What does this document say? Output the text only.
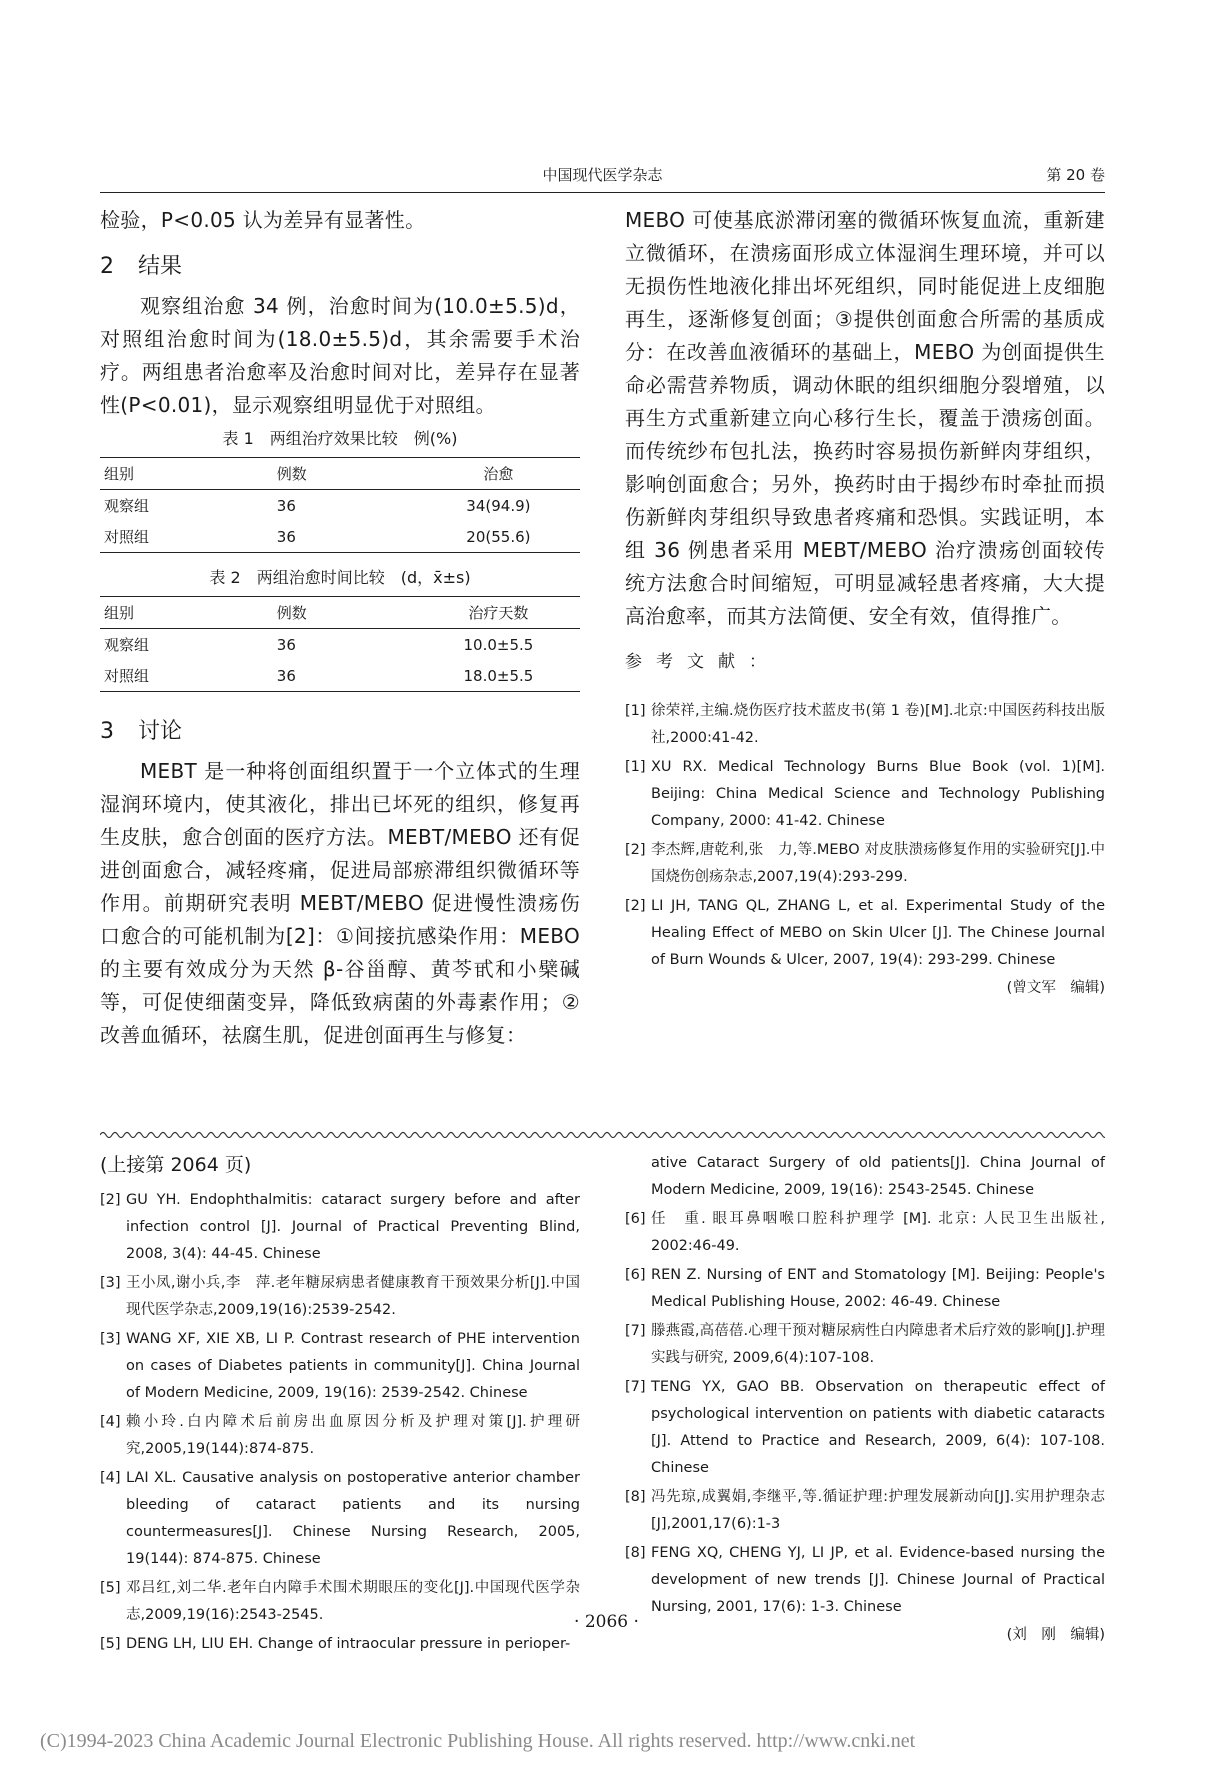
中国现代医学杂志	第 20 卷

检验，P<0.05 认为差异有显著性。

2 结果

观察组治愈 34 例，治愈时间为(10.0±5.5)d，对照组治愈时间为(18.0±5.5)d，其余需要手术治疗。两组患者治愈率及治愈时间对比，差异存在显著性(P<0.01)，显示观察组明显优于对照组。

表 1　两组治疗效果比较　例(%)
组别	例数	治愈
观察组	36	34(94.9)
对照组	36	20(55.6)
表 2　两组治愈时间比较　(d，x̄±s)
组别	例数	治疗天数
观察组	36	10.0±5.5
对照组	36	18.0±5.5
3 讨论

MEBT 是一种将创面组织置于一个立体式的生理湿润环境内，使其液化，排出已坏死的组织，修复再生皮肤，愈合创面的医疗方法。MEBT/MEBO 还有促进创面愈合，减轻疼痛，促进局部瘀滞组织微循环等作用。前期研究表明 MEBT/MEBO 促进慢性溃疡伤口愈合的可能机制为[2]：①间接抗感染作用：MEBO 的主要有效成分为天然 β-谷甾醇、黄芩甙和小檗碱等，可促使细菌变异，降低致病菌的外毒素作用；②改善血循环，祛腐生肌，促进创面再生与修复：

MEBO 可使基底淤滞闭塞的微循环恢复血流，重新建立微循环，在溃疡面形成立体湿润生理环境，并可以无损伤性地液化排出坏死组织，同时能促进上皮细胞再生，逐渐修复创面；③提供创面愈合所需的基质成分：在改善血液循环的基础上，MEBO 为创面提供生命必需营养物质，调动休眠的组织细胞分裂增殖，以再生方式重新建立向心移行生长，覆盖于溃疡创面。而传统纱布包扎法，换药时容易损伤新鲜肉芽组织，影响创面愈合；另外，换药时由于揭纱布时牵扯而损伤新鲜肉芽组织导致患者疼痛和恐惧。实践证明，本组 36 例患者采用 MEBT/MEBO 治疗溃疡创面较传统方法愈合时间缩短，可明显减轻患者疼痛，大大提高治愈率，而其方法简便、安全有效，值得推广。

参考文献：
[1] 徐荣祥,主编.烧伤医疗技术蓝皮书(第 1 卷)[M].北京:中国医药科技出版社,2000:41-42.
[1] XU RX. Medical Technology Burns Blue Book (vol. 1)[M]. Beijing: China Medical Science and Technology Publishing Company, 2000: 41-42. Chinese
[2] 李杰辉,唐乾利,张　力,等.MEBO 对皮肤溃疡修复作用的实验研究[J].中国烧伤创疡杂志,2007,19(4):293-299.
[2] LI JH, TANG QL, ZHANG L, et al. Experimental Study of the Healing Effect of MEBO on Skin Ulcer [J]. The Chinese Journal of Burn Wounds & Ulcer, 2007, 19(4): 293-299. Chinese
(曾文军　编辑)
(上接第 2064 页)
[2] GU YH. Endophthalmitis: cataract surgery before and after infection control [J]. Journal of Practical Preventing Blind, 2008, 3(4): 44-45. Chinese
[3] 王小凤,谢小兵,李　萍.老年糖尿病患者健康教育干预效果分析[J].中国现代医学杂志,2009,19(16):2539-2542.
[3] WANG XF, XIE XB, LI P. Contrast research of PHE intervention on cases of Diabetes patients in community[J]. China Journal of Modern Medicine, 2009, 19(16): 2539-2542. Chinese
[4] 赖小玲.白内障术后前房出血原因分析及护理对策[J].护理研究,2005,19(144):874-875.
[4] LAI XL. Causative analysis on postoperative anterior chamber bleeding of cataract patients and its nursing countermeasures[J]. Chinese Nursing Research, 2005, 19(144): 874-875. Chinese
[5] 邓吕红,刘二华.老年白内障手术围术期眼压的变化[J].中国现代医学杂志,2009,19(16):2543-2545.
[5] DENG LH, LIU EH. Change of intraocular pressure in perioper-
ative Cataract Surgery of old patients[J]. China Journal of Modern Medicine, 2009, 19(16): 2543-2545. Chinese
[6] 任　重. 眼耳鼻咽喉口腔科护理学 [M]. 北京: 人民卫生出版社, 2002:46-49.
[6] REN Z. Nursing of ENT and Stomatology [M]. Beijing: People's Medical Publishing House, 2002: 46-49. Chinese
[7] 滕燕霞,高蓓蓓.心理干预对糖尿病性白内障患者术后疗效的影响[J].护理实践与研究, 2009,6(4):107-108.
[7] TENG YX, GAO BB. Observation on therapeutic effect of psychological intervention on patients with diabetic cataracts [J]. Attend to Practice and Research, 2009, 6(4): 107-108. Chinese
[8] 冯先琼,成翼娟,李继平,等.循证护理:护理发展新动向[J].实用护理杂志[J],2001,17(6):1-3
[8] FENG XQ, CHENG YJ, LI JP, et al. Evidence-based nursing the development of new trends [J]. Chinese Journal of Practical Nursing, 2001, 17(6): 1-3. Chinese
(刘　刚　编辑)
· 2066 ·
(C)1994-2023 China Academic Journal Electronic Publishing House. All rights reserved. http://www.cnki.net
